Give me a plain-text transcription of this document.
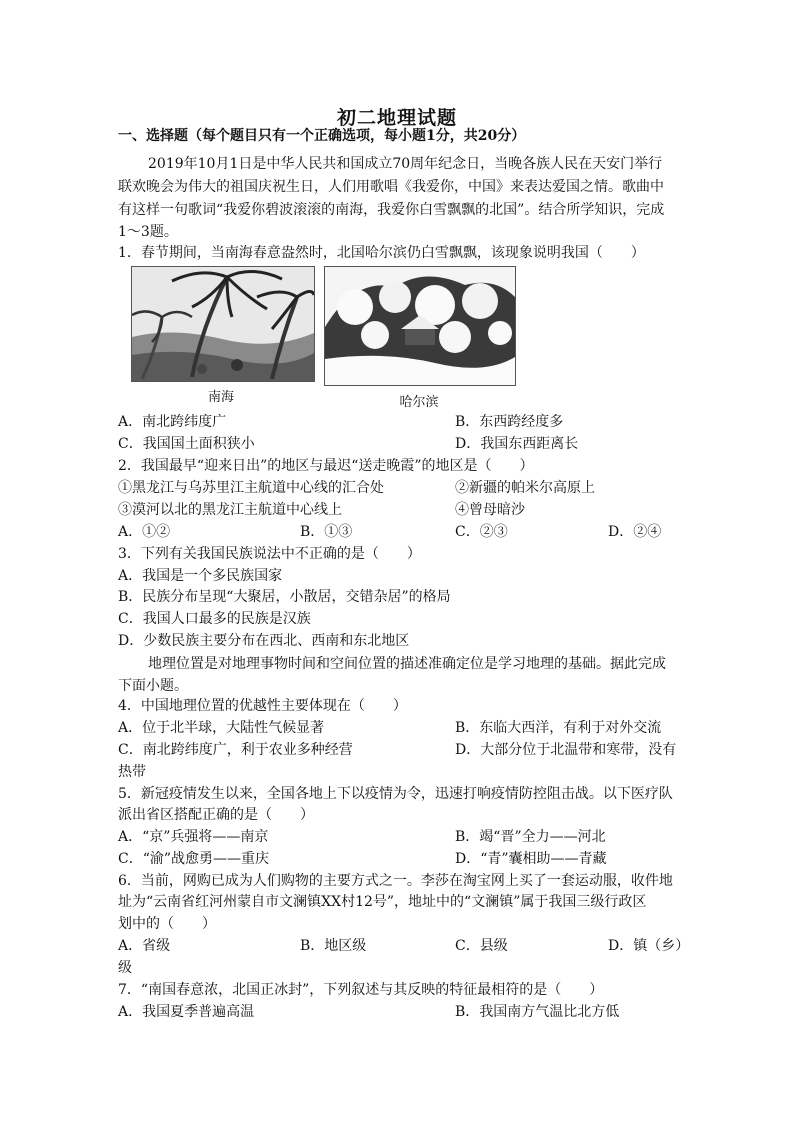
初二地理试题
一、选择题（每个题目只有一个正确选项，每小题1分，共20分）
2019年10月1日是中华人民共和国成立70周年纪念日，当晚各族人民在天安门举行
联欢晚会为伟大的祖国庆祝生日，人们用歌唱《我爱你，中国》来表达爱国之情。歌曲中
有这样一句歌词“我爱你碧波滚滚的南海，我爱你白雪飘飘的北国”。结合所学知识，完成
1～3题。
1．春节期间，当南海春意盎然时，北国哈尔滨仍白雪飘飘，该现象说明我国（　　）
南海	哈尔滨
A．南北跨纬度广	B．东西跨经度多
C．我国国土面积狭小	D．我国东西距离长
2．我国最早“迎来日出”的地区与最迟“送走晚霞”的地区是（　　）
①黑龙江与乌苏里江主航道中心线的汇合处	②新疆的帕米尔高原上
③漠河以北的黑龙江主航道中心线上	④曾母暗沙
A．①②	B．①③	C．②③	D．②④
3．下列有关我国民族说法中不正确的是（　　）
A．我国是一个多民族国家
B．民族分布呈现“大聚居，小散居，交错杂居”的格局
C．我国人口最多的民族是汉族
D．少数民族主要分布在西北、西南和东北地区
地理位置是对地理事物时间和空间位置的描述准确定位是学习地理的基础。据此完成
下面小题。
4．中国地理位置的优越性主要体现在（　　）
A．位于北半球，大陆性气候显著	B．东临大西洋，有利于对外交流
C．南北跨纬度广，利于农业多种经营	D．大部分位于北温带和寒带，没有
热带
5．新冠疫情发生以来，全国各地上下以疫情为令，迅速打响疫情防控阻击战。以下医疗队
派出省区搭配正确的是（　　）
A．“京”兵强将——南京	B．竭“晋”全力——河北
C．“渝”战愈勇——重庆	D．“青”囊相助——青藏
6．当前，网购已成为人们购物的主要方式之一。李莎在淘宝网上买了一套运动服，收件地
址为“云南省红河州蒙自市文澜镇XX村12号”，地址中的“文澜镇”属于我国三级行政区
划中的（　　）
A．省级	B．地区级	C．县级	D．镇（乡）
级
7．“南国春意浓，北国正冰封”，下列叙述与其反映的特征最相符的是（　　）
A．我国夏季普遍高温	B．我国南方气温比北方低
